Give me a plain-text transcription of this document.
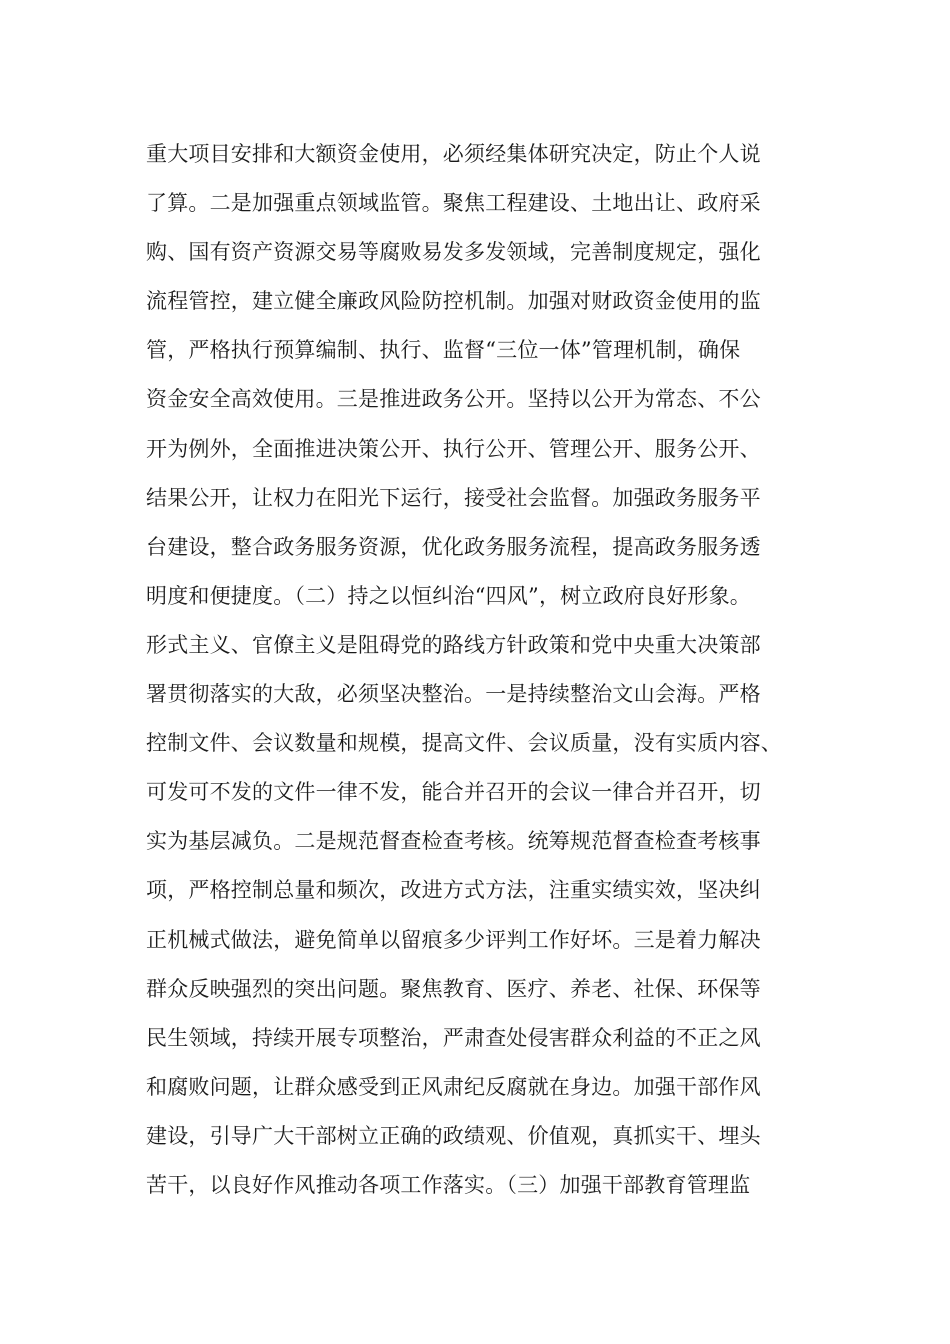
重大项目安排和大额资金使用，必须经集体研究决定，防止个人说
了算。二是加强重点领域监管。聚焦工程建设、土地出让、政府采
购、国有资产资源交易等腐败易发多发领域，完善制度规定，强化
流程管控，建立健全廉政风险防控机制。加强对财政资金使用的监
管，严格执行预算编制、执行、监督“三位一体”管理机制，确保
资金安全高效使用。三是推进政务公开。坚持以公开为常态、不公
开为例外，全面推进决策公开、执行公开、管理公开、服务公开、
结果公开，让权力在阳光下运行，接受社会监督。加强政务服务平
台建设，整合政务服务资源，优化政务服务流程，提高政务服务透
明度和便捷度。（二）持之以恒纠治“四风”，树立政府良好形象。
形式主义、官僚主义是阻碍党的路线方针政策和党中央重大决策部
署贯彻落实的大敌，必须坚决整治。一是持续整治文山会海。严格
控制文件、会议数量和规模，提高文件、会议质量，没有实质内容、
可发可不发的文件一律不发，能合并召开的会议一律合并召开，切
实为基层减负。二是规范督查检查考核。统筹规范督查检查考核事
项，严格控制总量和频次，改进方式方法，注重实绩实效，坚决纠
正机械式做法，避免简单以留痕多少评判工作好坏。三是着力解决
群众反映强烈的突出问题。聚焦教育、医疗、养老、社保、环保等
民生领域，持续开展专项整治，严肃查处侵害群众利益的不正之风
和腐败问题，让群众感受到正风肃纪反腐就在身边。加强干部作风
建设，引导广大干部树立正确的政绩观、价值观，真抓实干、埋头
苦干，以良好作风推动各项工作落实。（三）加强干部教育管理监
